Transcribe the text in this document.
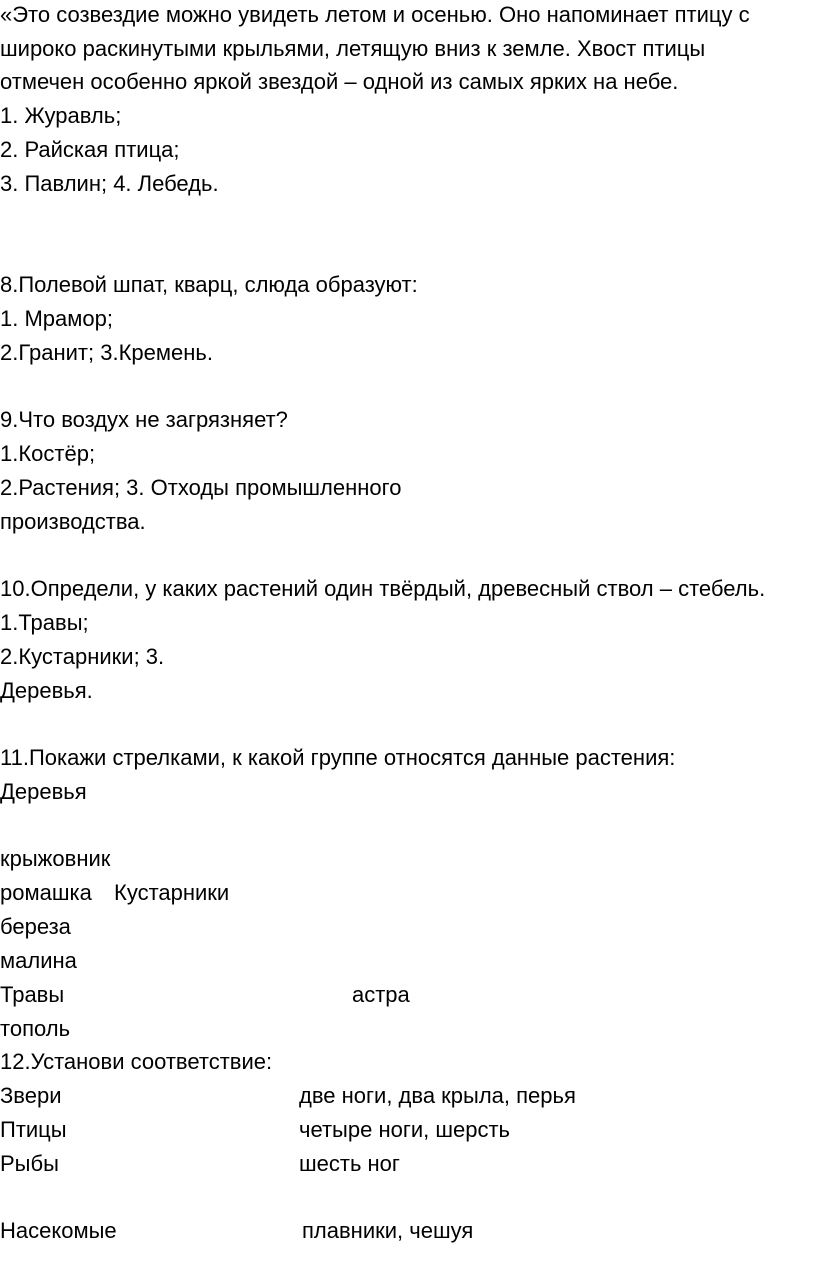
«Это созвездие можно увидеть летом и осенью. Оно напоминает птицу с
широко раскинутыми крыльями, летящую вниз к земле. Хвост птицы
отмечен особенно яркой звездой – одной из самых ярких на небе.
1. Журавль;
2. Райская птица;
3. Павлин; 4. Лебедь.
8.Полевой шпат, кварц, слюда образуют:
1. Мрамор;
2.Гранит; 3.Кремень.
9.Что воздух не загрязняет?
1.Костёр;
2.Растения; 3. Отходы промышленного
производства.
10.Определи, у каких растений один твёрдый, древесный ствол – стебель.
1.Травы;
2.Кустарники; 3.
Деревья.
11.Покажи стрелками, к какой группе относятся данные растения:
Деревья
крыжовник
ромашка Кустарники
береза
малина
Травы	астра
тополь
12.Установи соответствие:
Звери	две ноги, два крыла, перья
Птицы	четыре ноги, шерсть
Рыбы	шесть ног
Насекомые	плавники, чешуя
